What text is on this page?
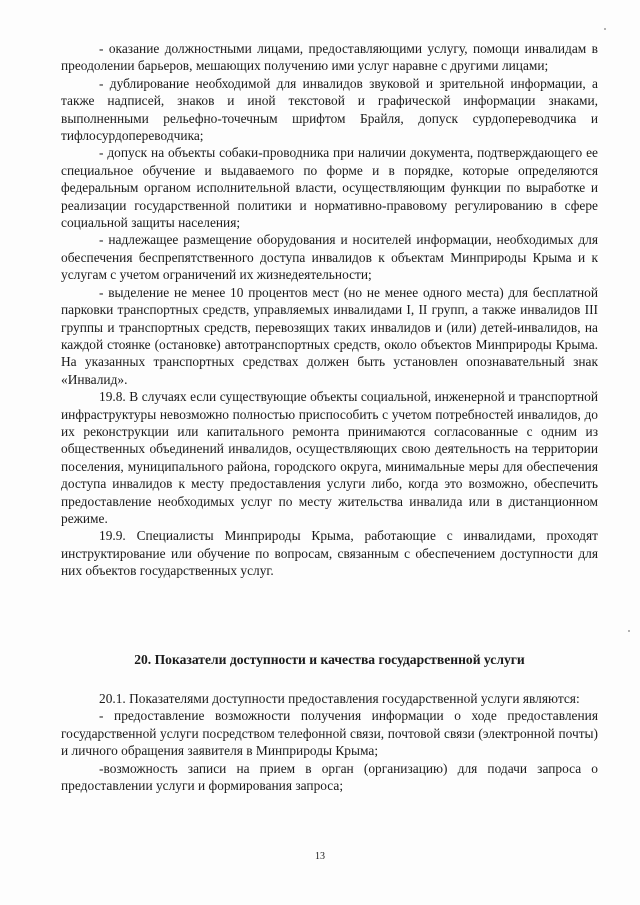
- оказание должностными лицами, предоставляющими услугу, помощи инвалидам в преодолении барьеров, мешающих получению ими услуг наравне с другими лицами;

- дублирование необходимой для инвалидов звуковой и зрительной информации, а также надписей, знаков и иной текстовой и графической информации знаками, выполненными рельефно-точечным шрифтом Брайля, допуск сурдопереводчика и тифлосурдопереводчика;

- допуск на объекты собаки-проводника при наличии документа, подтверждающего ее специальное обучение и выдаваемого по форме и в порядке, которые определяются федеральным органом исполнительной власти, осуществляющим функции по выработке и реализации государственной политики и нормативно-правовому регулированию в сфере социальной защиты населения;

- надлежащее размещение оборудования и носителей информации, необходимых для обеспечения беспрепятственного доступа инвалидов к объектам Минприроды Крыма и к услугам с учетом ограничений их жизнедеятельности;

- выделение не менее 10 процентов мест (но не менее одного места) для бесплатной парковки транспортных средств, управляемых инвалидами I, II групп, а также инвалидов III группы и транспортных средств, перевозящих таких инвалидов и (или) детей-инвалидов, на каждой стоянке (остановке) автотранспортных средств, около объектов Минприроды Крыма. На указанных транспортных средствах должен быть установлен опознавательный знак «Инвалид».

19.8. В случаях если существующие объекты социальной, инженерной и транспортной инфраструктуры невозможно полностью приспособить с учетом потребностей инвалидов, до их реконструкции или капитального ремонта принимаются согласованные с одним из общественных объединений инвалидов, осуществляющих свою деятельность на территории поселения, муниципального района, городского округа, минимальные меры для обеспечения доступа инвалидов к месту предоставления услуги либо, когда это возможно, обеспечить предоставление необходимых услуг по месту жительства инвалида или в дистанционном режиме.

19.9. Специалисты Минприроды Крыма, работающие с инвалидами, проходят инструктирование или обучение по вопросам, связанным с обеспечением доступности для них объектов государственных услуг.

20. Показатели доступности и качества государственной услуги

20.1. Показателями доступности предоставления государственной услуги являются:

- предоставление возможности получения информации о ходе предоставления государственной услуги посредством телефонной связи, почтовой связи (электронной почты) и личного обращения заявителя в Минприроды Крыма;

-возможность записи на прием в орган (организацию) для подачи запроса о предоставлении услуги и формирования запроса;

13
